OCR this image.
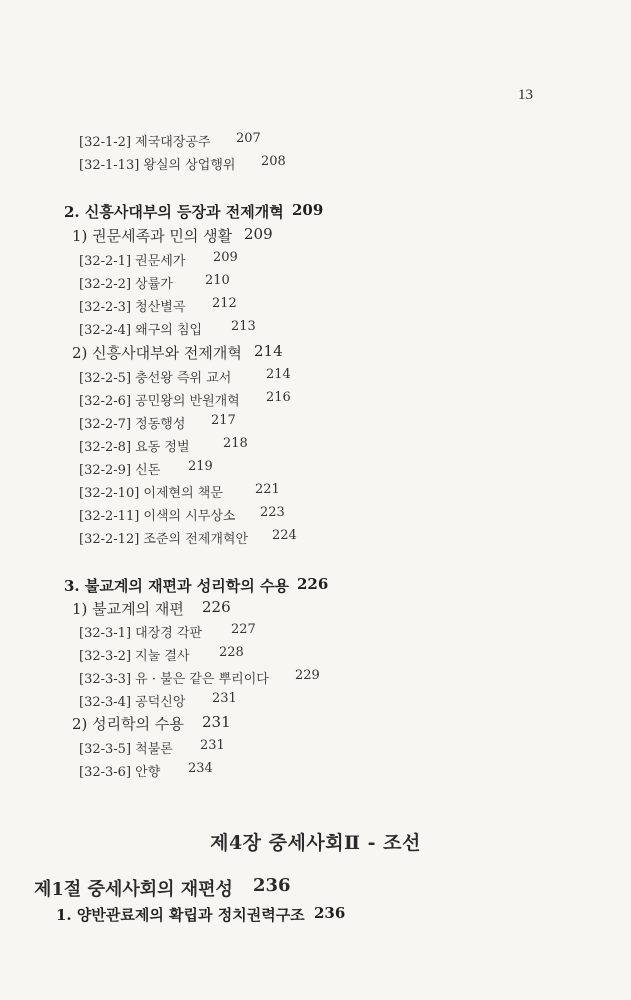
13
[32-1-2] 제국대장공주 207
[32-1-13] 왕실의 상업행위 208
2. 신흥사대부의 등장과 전제개혁 209
1) 권문세족과 민의 생활 209
[32-2-1] 권문세가 209
[32-2-2] 상률가 210
[32-2-3] 청산별곡 212
[32-2-4] 왜구의 침입 213
2) 신흥사대부와 전제개혁 214
[32-2-5] 충선왕 즉위 교서	214
[32-2-6] 공민왕의 반원개혁 216
[32-2-7] 정동행성 217
[32-2-8] 요동 정벌	218
[32-2-9] 신돈 219
[32-2-10] 이제현의 책문 221
[32-2-11] 이색의 시무상소 223
[32-2-12] 조준의 전제개혁안 224
3. 불교계의 재편과 성리학의 수용 226
1) 불교계의 재편 226
[32-3-1] 대장경 각판 227
[32-3-2] 지눌 결사 228
[32-3-3] 유 · 불은 같은 뿌리이다 229
[32-3-4] 공덕신앙 231
2) 성리학의 수용 231
[32-3-5] 척불론 231
[32-3-6] 안향 234
제4장 중세사회Ⅱ - 조선
제1절 중세사회의 재편성 236
1. 양반관료제의 확립과 정치권력구조 236
